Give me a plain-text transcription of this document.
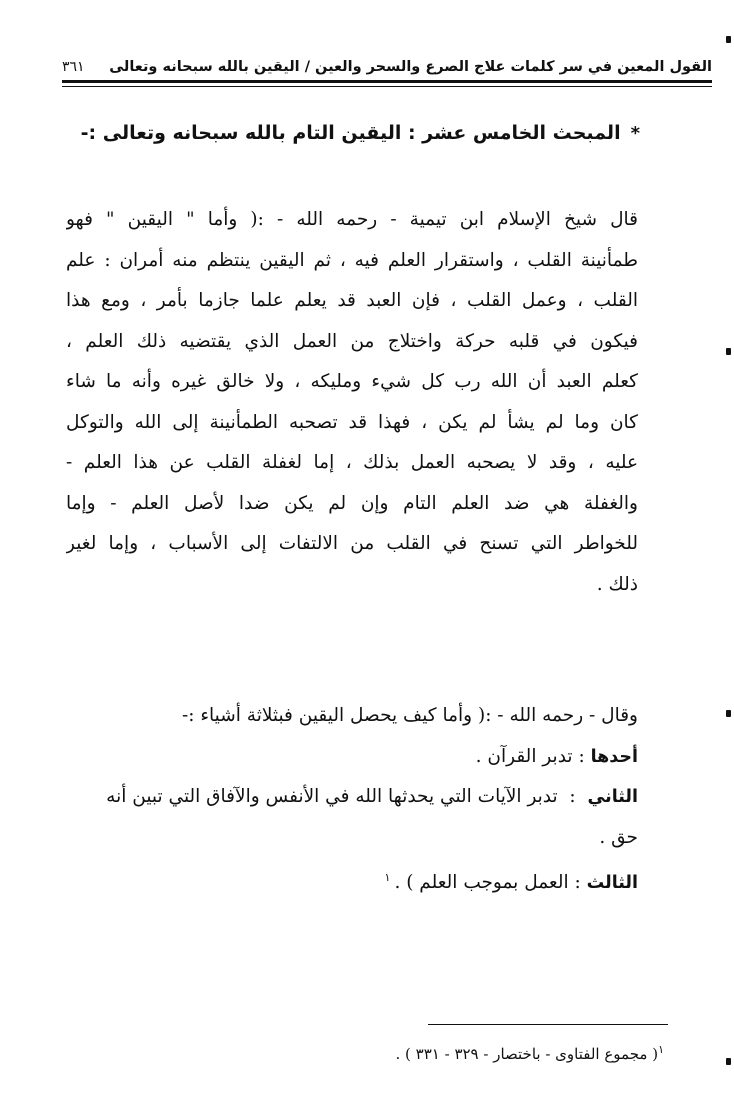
القول المعين في سر كلمات علاج الصرع والسحر والعين / اليقين بالله سبحانه وتعالى
٣٦١
*المبحث الخامس عشر : اليقين التام بالله سبحانه وتعالى :-
قال شيخ الإسلام ابن تيمية - رحمه الله - :( وأما " اليقين " فهو
طمأنينة القلب ، واستقرار العلم فيه ، ثم اليقين ينتظم منه أمران : علم
القلب ، وعمل القلب ، فإن العبد قد يعلم علما جازما بأمر ، ومع هذا
فيكون في قلبه حركة واختلاج من العمل الذي يقتضيه ذلك العلم ،
كعلم العبد أن الله رب كل شيء ومليكه ، ولا خالق غيره وأنه ما شاء
كان وما لم يشأ لم يكن ، فهذا قد تصحبه الطمأنينة إلى الله والتوكل
عليه ، وقد لا يصحبه العمل بذلك ، إما لغفلة القلب عن هذا العلم -
والغفلة هي ضد العلم التام وإن لم يكن ضدا لأصل العلم - وإما
للخواطر التي تسنح في القلب من الالتفات إلى الأسباب ، وإما لغير
ذلك .
وقال - رحمه الله - :( وأما كيف يحصل اليقين فبثلاثة أشياء :-
أحدها : تدبر القرآن .
الثاني  :  تدبر الآيات التي يحدثها الله في الأنفس والآفاق التي تبين أنه
حق .
الثالث : العمل بموجب العلم ) .$^١$
$^١$( مجموع الفتاوى - باختصار - ٣٢٩ - ٣٣١ ) .
